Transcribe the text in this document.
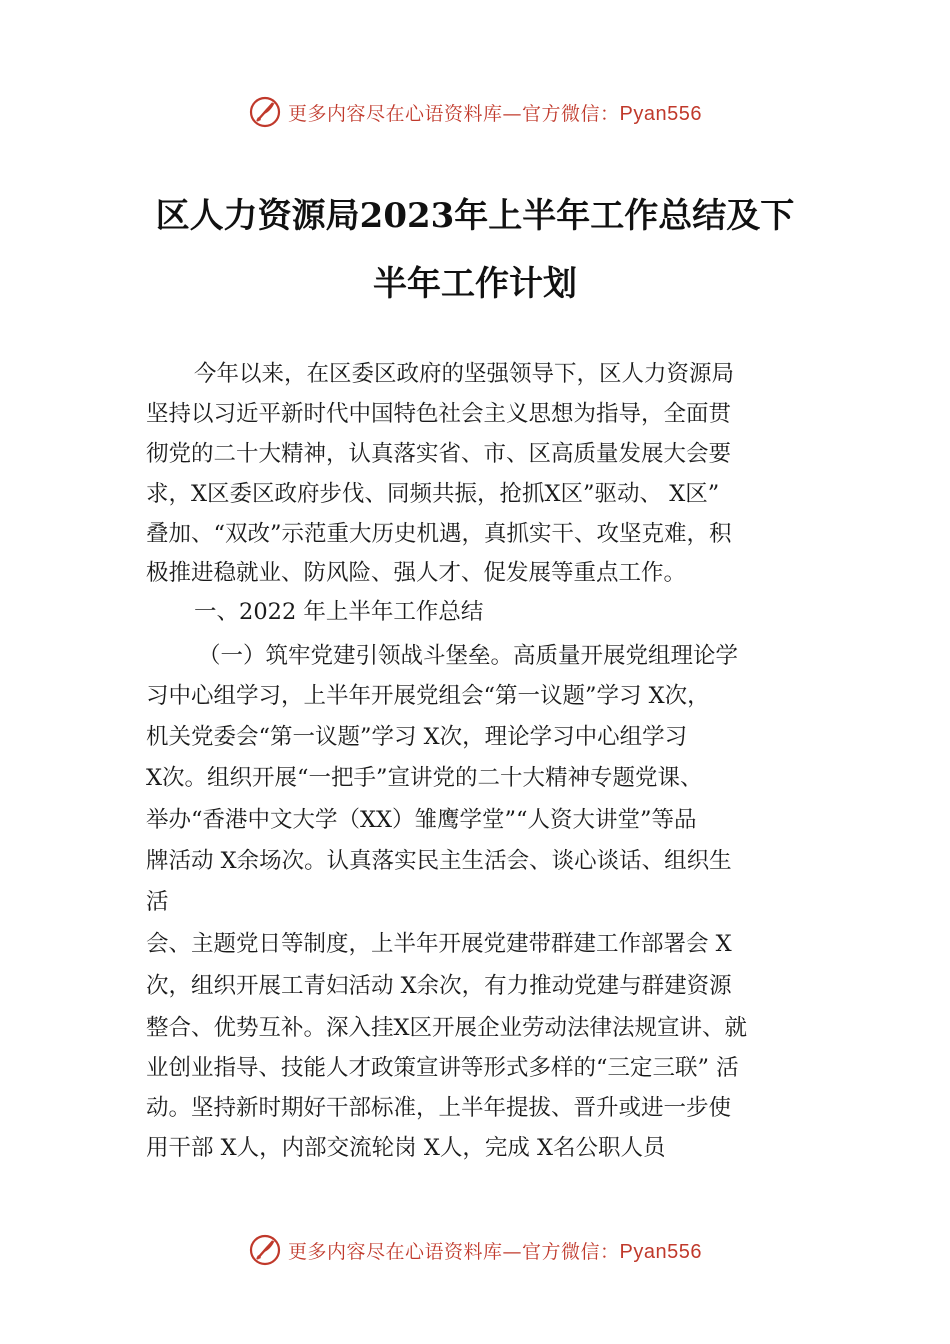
更多内容尽在心语资料库—官方微信：Pyan556
区人力资源局2023年上半年工作总结及下
半年工作计划
今年以来，在区委区政府的坚强领导下，区人力资源局
坚持以习近平新时代中国特色社会主义思想为指导，全面贯
彻党的二十大精神，认真落实省、市、区高质量发展大会要
求，X区委区政府步伐、同频共振，抢抓X区”驱动、 X区”
叠加、“双改”示范重大历史机遇，真抓实干、攻坚克难，积
极推进稳就业、防风险、强人才、促发展等重点工作。
一、2022 年上半年工作总结
（一）筑牢党建引领战斗堡垒。高质量开展党组理论学
习中心组学习，上半年开展党组会“第一议题”学习 X次，
机关党委会“第一议题”学习 X次，理论学习中心组学习
X次。组织开展“一把手”宣讲党的二十大精神专题党课、
举办“香港中文大学（XX）雏鹰学堂”“人资大讲堂”等品
牌活动 X余场次。认真落实民主生活会、谈心谈话、组织生
活
会、主题党日等制度，上半年开展党建带群建工作部署会 X
次，组织开展工青妇活动 X余次，有力推动党建与群建资源
整合、优势互补。深入挂X区开展企业劳动法律法规宣讲、就
业创业指导、技能人才政策宣讲等形式多样的“三定三联” 活
动。坚持新时期好干部标准，上半年提拔、晋升或进一步使
用干部 X人，内部交流轮岗 X人，完成 X名公职人员
更多内容尽在心语资料库—官方微信：Pyan556
